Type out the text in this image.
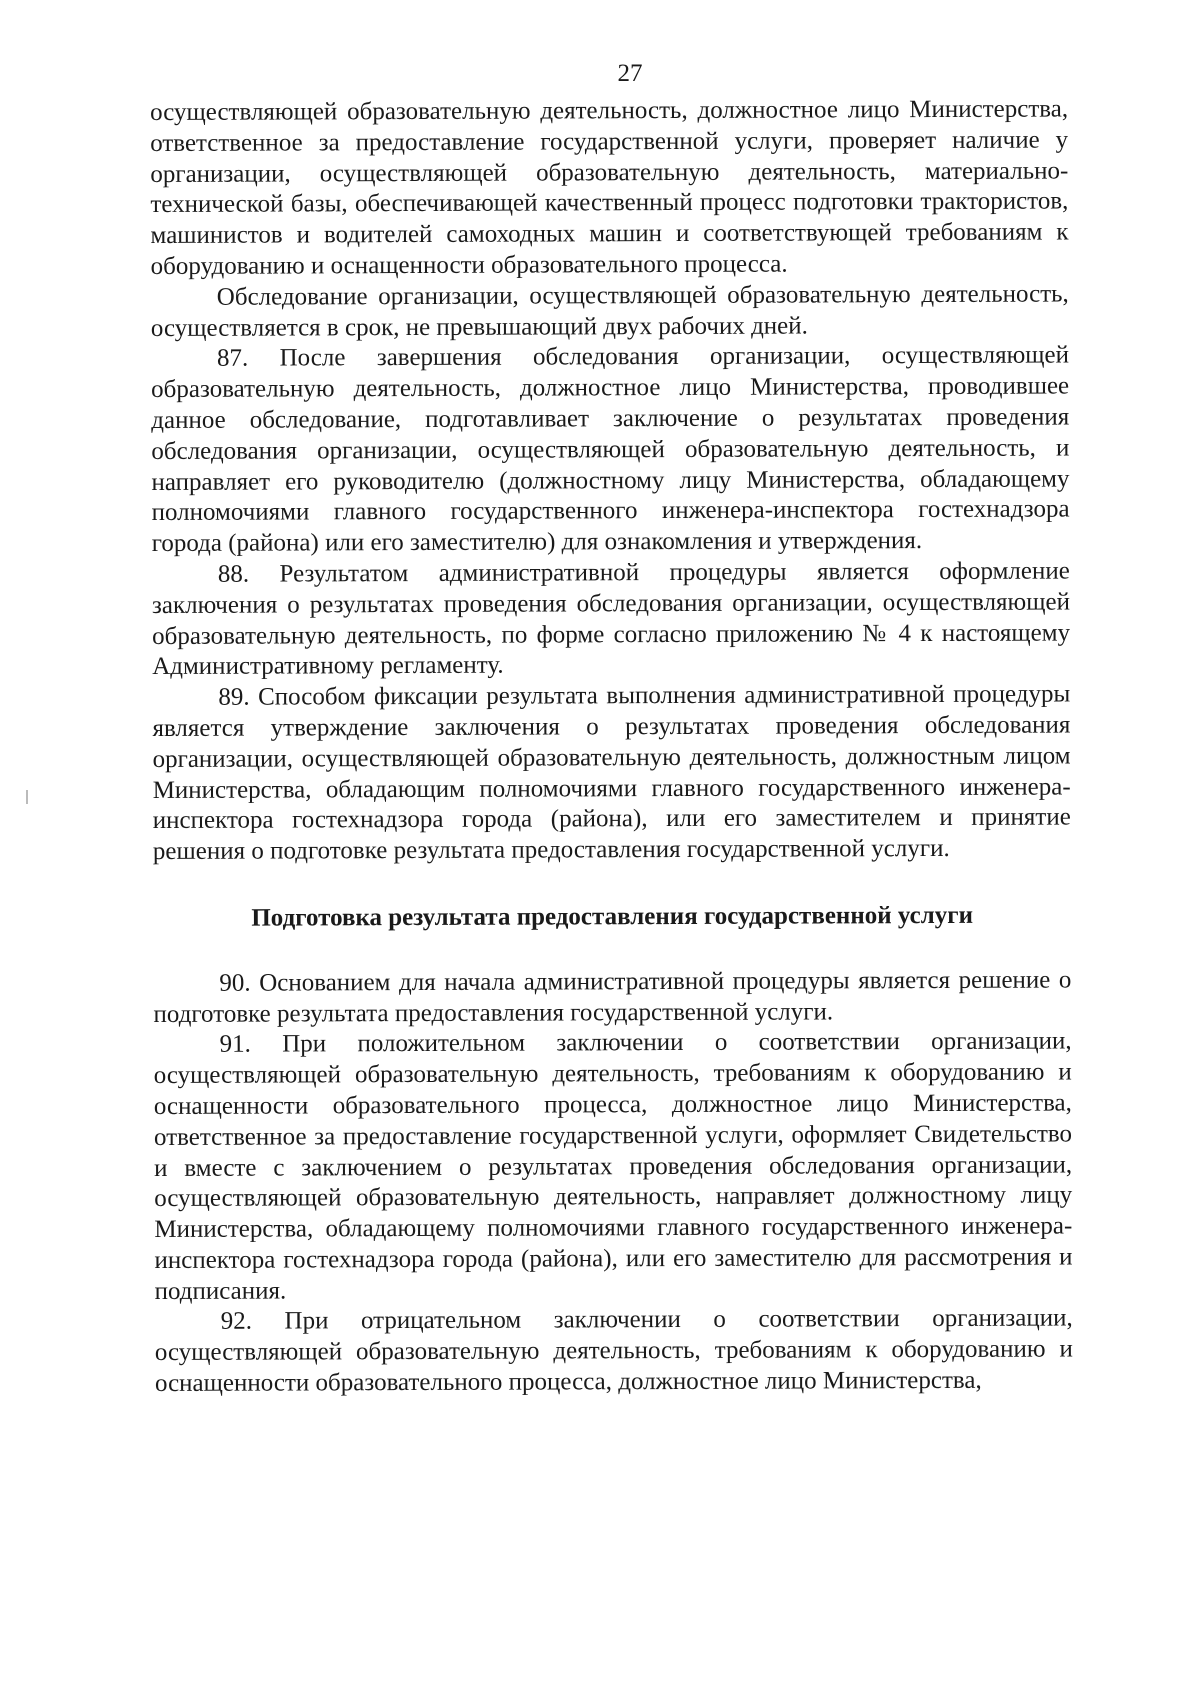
27

осуществляющей образовательную деятельность, должностное лицо Министерства, ответственное за предоставление государственной услуги, проверяет наличие у организации, осуществляющей образовательную деятельность, материально-технической базы, обеспечивающей качественный процесс подготовки трактористов, машинистов и водителей самоходных машин и соответствующей требованиям к оборудованию и оснащенности образовательного процесса.

Обследование организации, осуществляющей образовательную деятельность, осуществляется в срок, не превышающий двух рабочих дней.

87. После завершения обследования организации, осуществляющей образовательную деятельность, должностное лицо Министерства, проводившее данное обследование, подготавливает заключение о результатах проведения обследования организации, осуществляющей образовательную деятельность, и направляет его руководителю (должностному лицу Министерства, обладающему полномочиями главного государственного инженера-инспектора гостехнадзора города (района) или его заместителю) для ознакомления и утверждения.

88. Результатом административной процедуры является оформление заключения о результатах проведения обследования организации, осуществляющей образовательную деятельность, по форме согласно приложению № 4 к настоящему Административному регламенту.

89. Способом фиксации результата выполнения административной процедуры является утверждение заключения о результатах проведения обследования организации, осуществляющей образовательную деятельность, должностным лицом Министерства, обладающим полномочиями главного государственного инженера-инспектора гостехнадзора города (района), или его заместителем и принятие решения о подготовке результата предоставления государственной услуги.

Подготовка результата предоставления государственной услуги

90. Основанием для начала административной процедуры является решение о подготовке результата предоставления государственной услуги.

91. При положительном заключении о соответствии организации, осуществляющей образовательную деятельность, требованиям к оборудованию и оснащенности образовательного процесса, должностное лицо Министерства, ответственное за предоставление государственной услуги, оформляет Свидетельство и вместе с заключением о результатах проведения обследования организации, осуществляющей образовательную деятельность, направляет должностному лицу Министерства, обладающему полномочиями главного государственного инженера-инспектора гостехнадзора города (района), или его заместителю для рассмотрения и подписания.

92. При отрицательном заключении о соответствии организации, осуществляющей образовательную деятельность, требованиям к оборудованию и оснащенности образовательного процесса, должностное лицо Министерства,
